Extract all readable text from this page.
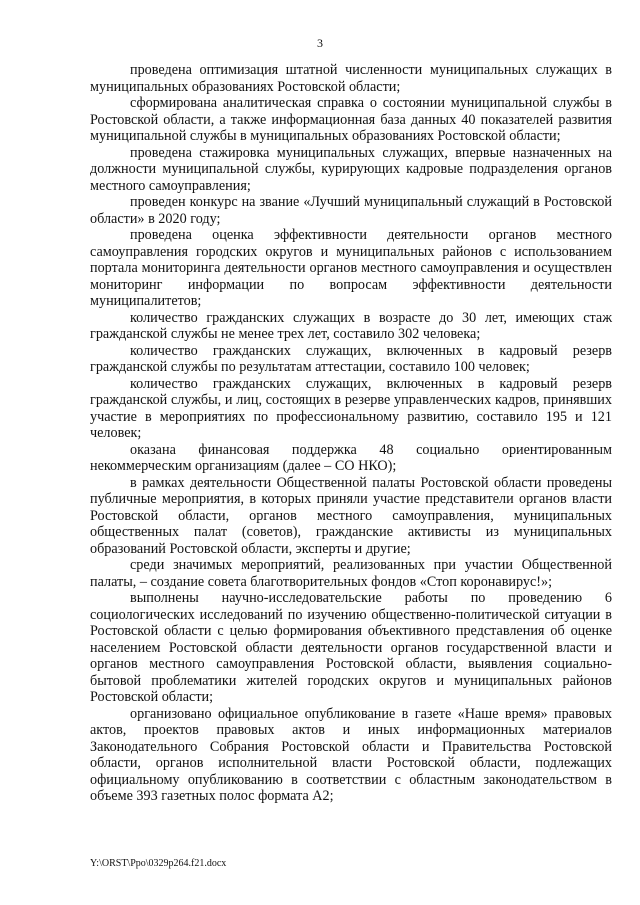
3

проведена оптимизация штатной численности муниципальных служащих в муниципальных образованиях Ростовской области;

сформирована аналитическая справка о состоянии муниципальной службы в Ростовской области, а также информационная база данных 40 показателей развития муниципальной службы в муниципальных образованиях Ростовской области;

проведена стажировка муниципальных служащих, впервые назначенных на должности муниципальной службы, курирующих кадровые подразделения органов местного самоуправления;

проведен конкурс на звание «Лучший муниципальный служащий в Ростовской области» в 2020 году;

проведена оценка эффективности деятельности органов местного самоуправления городских округов и муниципальных районов с использованием портала мониторинга деятельности органов местного самоуправления и осуществлен мониторинг информации по вопросам эффективности деятельности муниципалитетов;

количество гражданских служащих в возрасте до 30 лет, имеющих стаж гражданской службы не менее трех лет, составило 302 человека;

количество гражданских служащих, включенных в кадровый резерв гражданской службы по результатам аттестации, составило 100 человек;

количество гражданских служащих, включенных в кадровый резерв гражданской службы, и лиц, состоящих в резерве управленческих кадров, принявших участие в мероприятиях по профессиональному развитию, составило 195 и 121 человек;

оказана финансовая поддержка 48 социально ориентированным некоммерческим организациям (далее – СО НКО);

в рамках деятельности Общественной палаты Ростовской области проведены публичные мероприятия, в которых приняли участие представители органов власти Ростовской области, органов местного самоуправления, муниципальных общественных палат (советов), гражданские активисты из муниципальных образований Ростовской области, эксперты и другие;

среди значимых мероприятий, реализованных при участии Общественной палаты, – создание совета благотворительных фондов «Стоп коронавирус!»;

выполнены научно-исследовательские работы по проведению 6 социологических исследований по изучению общественно-политической ситуации в Ростовской области с целью формирования объективного представления об оценке населением Ростовской области деятельности органов государственной власти и органов местного самоуправления Ростовской области, выявления социально-бытовой проблематики жителей городских округов и муниципальных районов Ростовской области;

организовано официальное опубликование в газете «Наше время» правовых актов, проектов правовых актов и иных информационных материалов Законодательного Собрания Ростовской области и Правительства Ростовской области, органов исполнительной власти Ростовской области, подлежащих официальному опубликованию в соответствии с областным законодательством в объеме 393 газетных полос формата А2;

Y:\ORST\Ppo\0329p264.f21.docx
